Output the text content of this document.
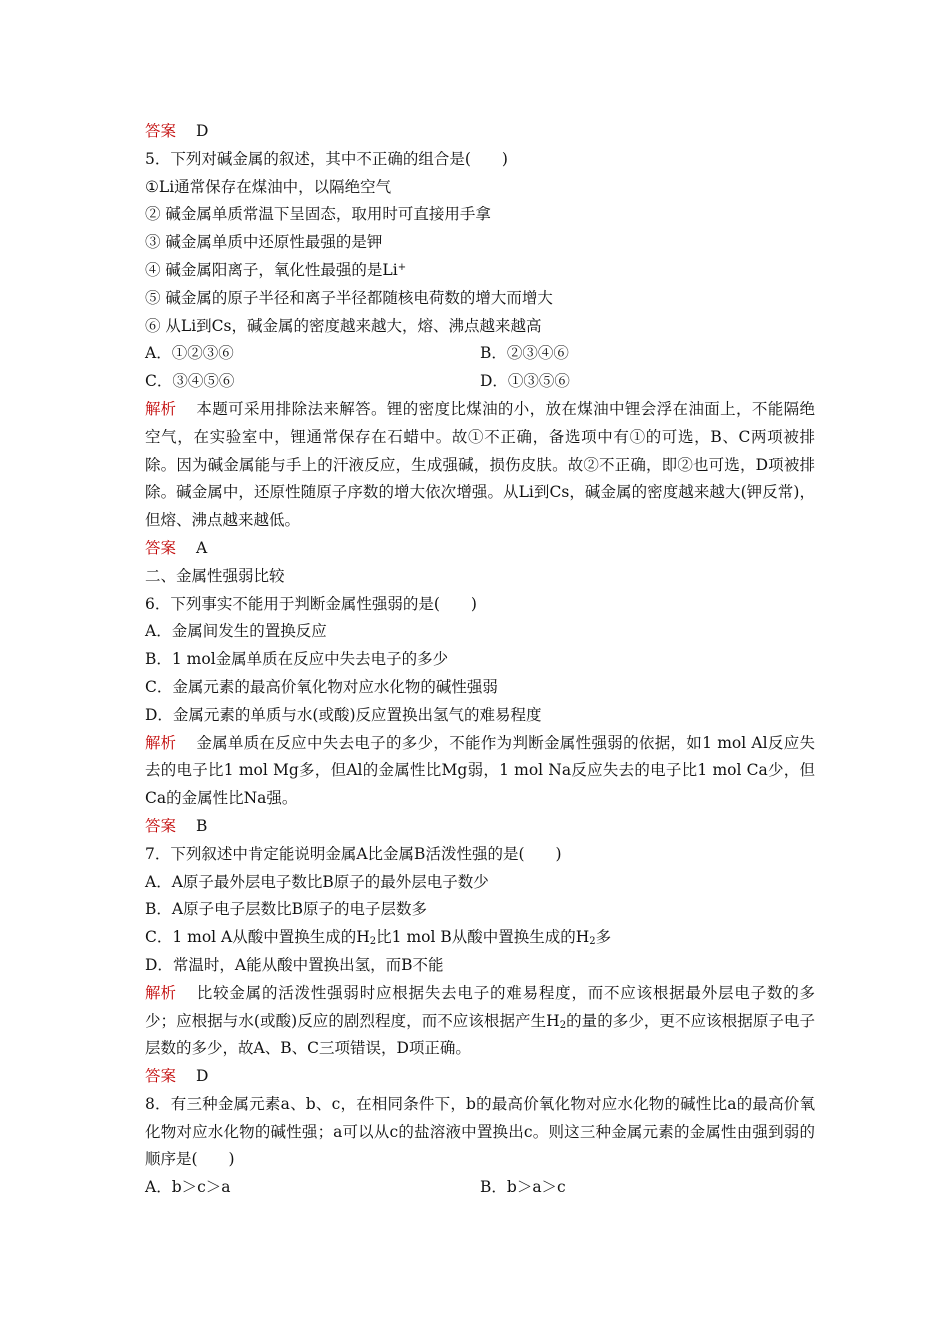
答案 D
5．下列对碱金属的叙述，其中不正确的组合是(　　)
①Li通常保存在煤油中，以隔绝空气
② 碱金属单质常温下呈固态，取用时可直接用手拿
③ 碱金属单质中还原性最强的是钾
④ 碱金属阳离子，氧化性最强的是Li+
⑤ 碱金属的原子半径和离子半径都随核电荷数的增大而增大
⑥ 从Li到Cs，碱金属的密度越来越大，熔、沸点越来越高
A．①②③⑥	B．②③④⑥
C．③④⑤⑥	D．①③⑤⑥
解析 本题可采用排除法来解答。锂的密度比煤油的小，放在煤油中锂会浮在油面上，不能隔绝空气，在实验室中，锂通常保存在石蜡中。故①不正确，备选项中有①的可选，B、C两项被排除。因为碱金属能与手上的汗液反应，生成强碱，损伤皮肤。故②不正确，即②也可选，D项被排除。碱金属中，还原性随原子序数的增大依次增强。从Li到Cs，碱金属的密度越来越大(钾反常)，但熔、沸点越来越低。
答案 A
二、金属性强弱比较
6．下列事实不能用于判断金属性强弱的是(　　)
A．金属间发生的置换反应
B．1 mol金属单质在反应中失去电子的多少
C．金属元素的最高价氧化物对应水化物的碱性强弱
D．金属元素的单质与水(或酸)反应置换出氢气的难易程度
解析 金属单质在反应中失去电子的多少，不能作为判断金属性强弱的依据，如1 mol Al反应失去的电子比1 mol Mg多，但Al的金属性比Mg弱，1 mol Na反应失去的电子比1 mol Ca少，但Ca的金属性比Na强。
答案 B
7．下列叙述中肯定能说明金属A比金属B活泼性强的是(　　)
A．A原子最外层电子数比B原子的最外层电子数少
B．A原子电子层数比B原子的电子层数多
C．1 mol A从酸中置换生成的$H_2$比1 mol B从酸中置换生成的$H_2$多
D．常温时，A能从酸中置换出氢，而B不能
解析 比较金属的活泼性强弱时应根据失去电子的难易程度，而不应该根据最外层电子数的多少；应根据与水(或酸)反应的剧烈程度，而不应该根据产生$H_2$的量的多少，更不应该根据原子电子层数的多少，故A、B、C三项错误，D项正确。
答案 D
8．有三种金属元素a、b、c，在相同条件下，b的最高价氧化物对应水化物的碱性比a的最高价氧化物对应水化物的碱性强；a可以从c的盐溶液中置换出c。则这三种金属元素的金属性由强到弱的顺序是(　　)
A．b＞c＞a	B．b＞a＞c
